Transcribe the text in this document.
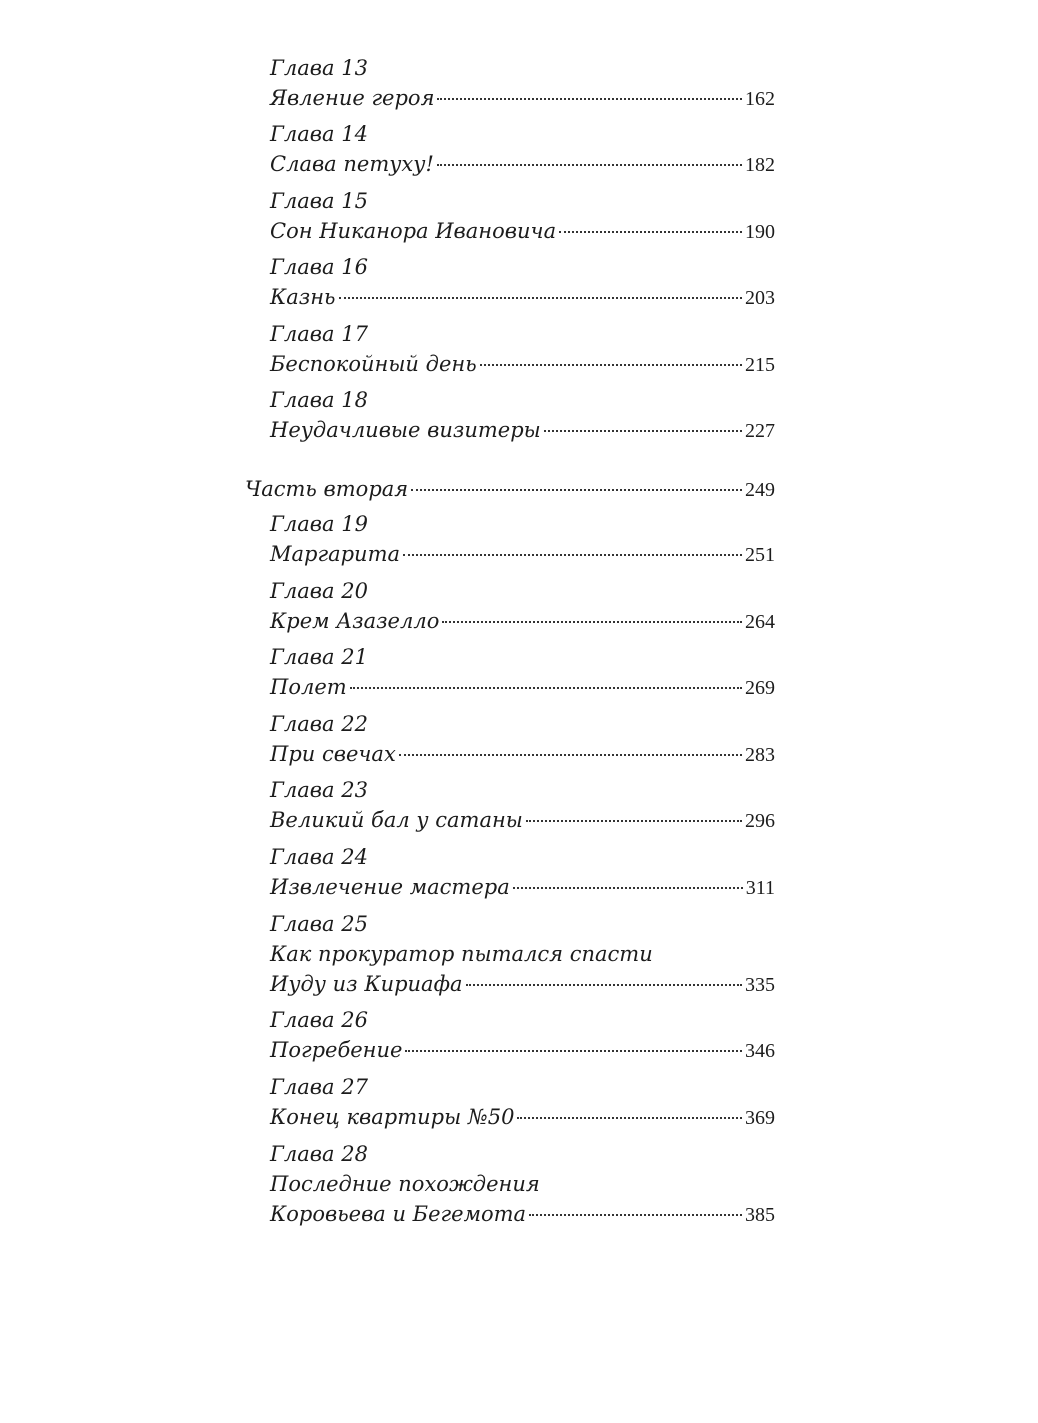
Глава 13
Явление героя	162
Глава 14
Слава петуху!	182
Глава 15
Сон Никанора Ивановича	190
Глава 16
Казнь	203
Глава 17
Беспокойный день	215
Глава 18
Неудачливые визитеры	227
Часть вторая	249
Глава 19
Маргарита	251
Глава 20
Крем Азазелло	264
Глава 21
Полет	269
Глава 22
При свечах	283
Глава 23
Великий бал у сатаны	296
Глава 24
Извлечение мастера	311
Глава 25
Как прокуратор пытался спасти
Иуду из Кириафа	335
Глава 26
Погребение	346
Глава 27
Конец квартиры №50	369
Глава 28
Последние похождения
Коровьева и Бегемота	385
